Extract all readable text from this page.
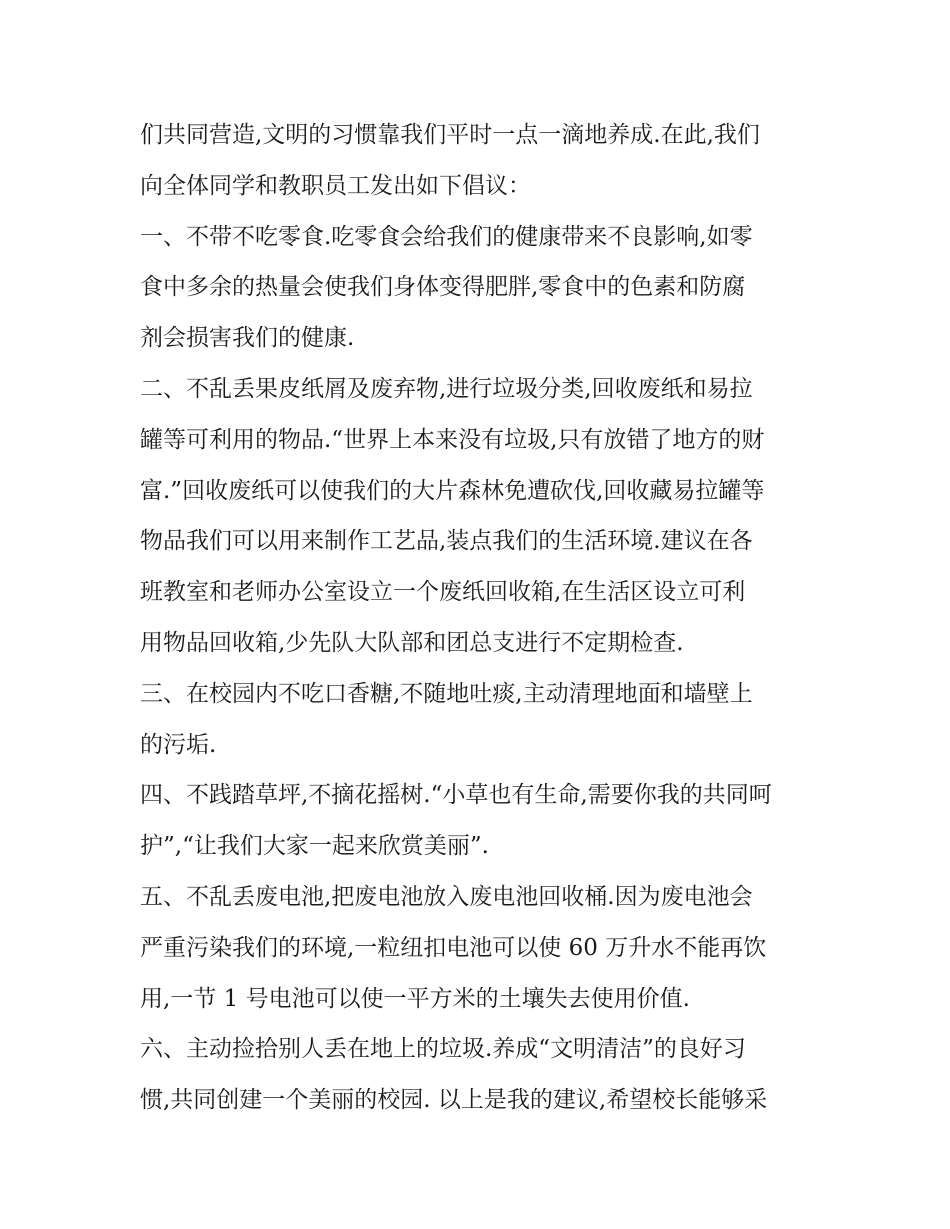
们共同营造,文明的习惯靠我们平时一点一滴地养成.在此,我们
向全体同学和教职员工发出如下倡议：
一、不带不吃零食.吃零食会给我们的健康带来不良影响,如零
食中多余的热量会使我们身体变得肥胖,零食中的色素和防腐
剂会损害我们的健康.
二、不乱丢果皮纸屑及废弃物,进行垃圾分类,回收废纸和易拉
罐等可利用的物品.“世界上本来没有垃圾,只有放错了地方的财
富.”回收废纸可以使我们的大片森林免遭砍伐,回收藏易拉罐等
物品我们可以用来制作工艺品,装点我们的生活环境.建议在各
班教室和老师办公室设立一个废纸回收箱,在生活区设立可利
用物品回收箱,少先队大队部和团总支进行不定期检查.
三、在校园内不吃口香糖,不随地吐痰,主动清理地面和墙壁上
的污垢.
四、不践踏草坪,不摘花摇树.“小草也有生命,需要你我的共同呵
护”,“让我们大家一起来欣赏美丽”.
五、不乱丢废电池,把废电池放入废电池回收桶.因为废电池会
严重污染我们的环境,一粒纽扣电池可以使 60 万升水不能再饮
用,一节 1 号电池可以使一平方米的土壤失去使用价值.
六、主动捡拾别人丢在地上的垃圾.养成“文明清洁”的良好习
惯,共同创建一个美丽的校园. 以上是我的建议,希望校长能够采
